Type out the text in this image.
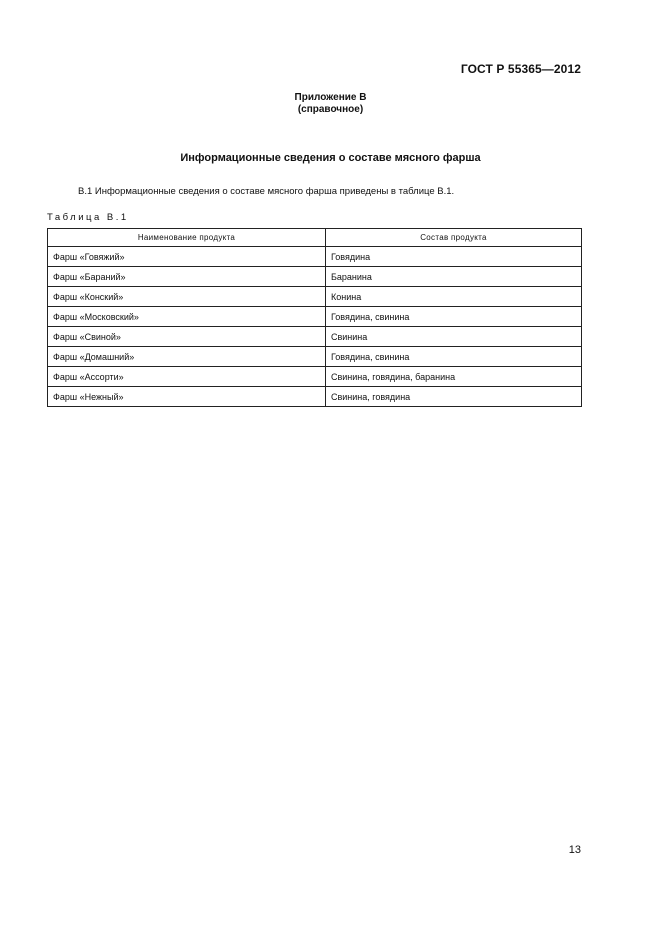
ГОСТ Р 55365—2012
Приложение В
(справочное)
Информационные сведения о составе мясного фарша
В.1 Информационные сведения о составе мясного фарша приведены в таблице В.1.
Таблица В.1
Наименование продукта	Состав продукта
Фарш «Говяжий»	Говядина
Фарш «Бараний»	Баранина
Фарш «Конский»	Конина
Фарш «Московский»	Говядина, свинина
Фарш «Свиной»	Свинина
Фарш «Домашний»	Говядина, свинина
Фарш «Ассорти»	Свинина, говядина, баранина
Фарш «Нежный»	Свинина, говядина
13
